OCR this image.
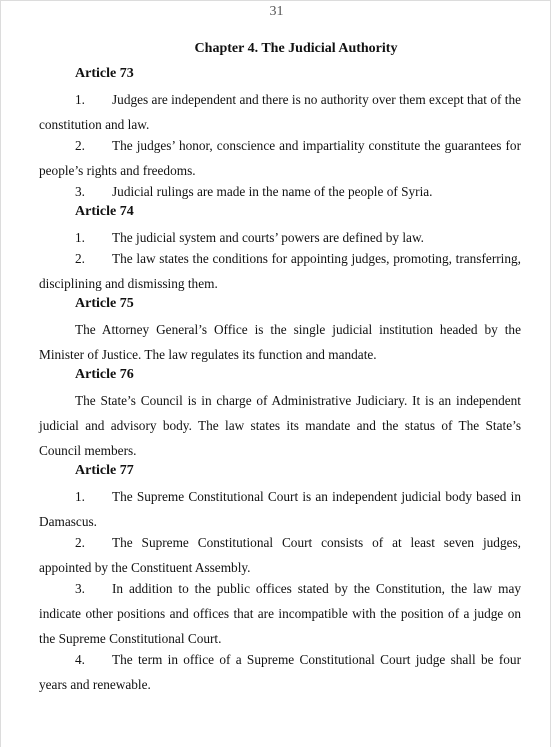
31
Chapter 4. The Judicial Authority
Article 73

1. Judges are independent and there is no authority over them except that of the constitution and law.

2. The judges’ honor, conscience and impartiality constitute the guarantees for people’s rights and freedoms.

3. Judicial rulings are made in the name of the people of Syria.

Article 74

1. The judicial system and courts’ powers are defined by law.

2. The law states the conditions for appointing judges, promoting, transferring, disciplining and dismissing them.

Article 75

The Attorney General’s Office is the single judicial institution headed by the Minister of Justice. The law regulates its function and mandate.

Article 76

The State’s Council is in charge of Administrative Judiciary. It is an independent judicial and advisory body. The law states its mandate and the status of The State’s Council members.

Article 77

1. The Supreme Constitutional Court is an independent judicial body based in Damascus.

2. The Supreme Constitutional Court consists of at least seven judges, appointed by the Constituent Assembly.

3. In addition to the public offices stated by the Constitution, the law may indicate other positions and offices that are incompatible with the position of a judge on the Supreme Constitutional Court.

4. The term in office of a Supreme Constitutional Court judge shall be four years and renewable.
